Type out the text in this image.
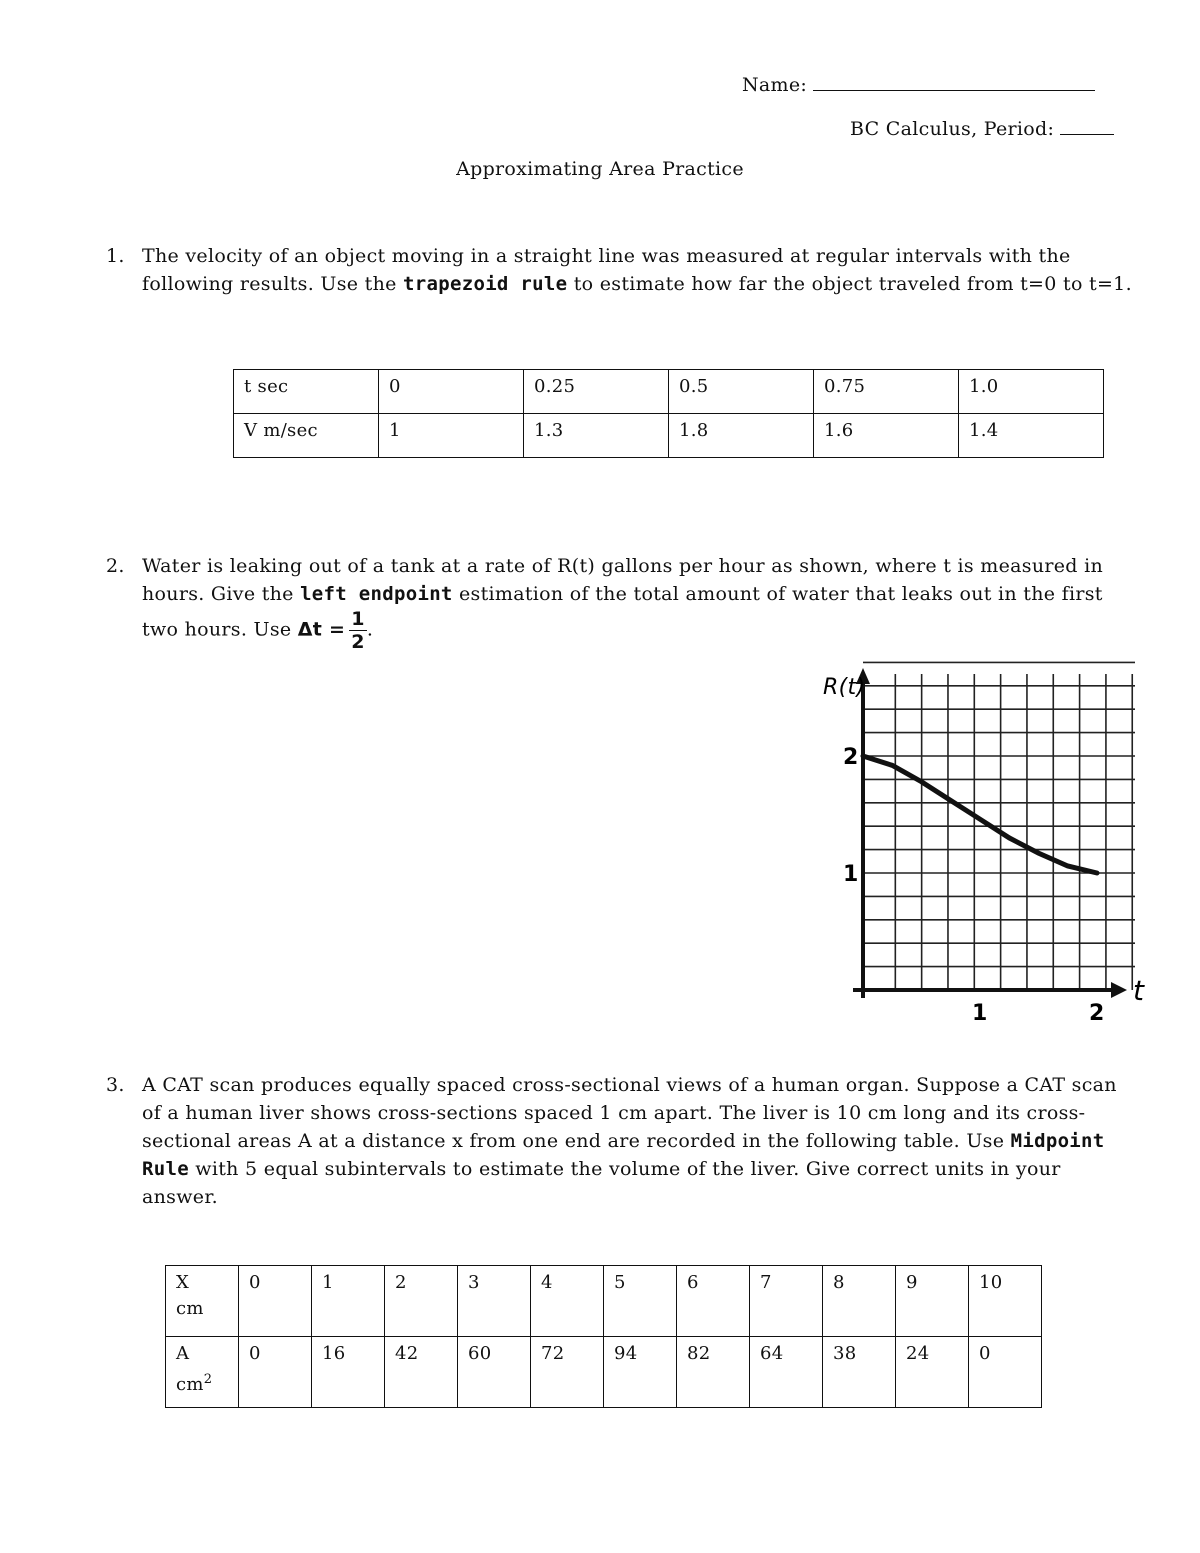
Name:
BC Calculus, Period:
Approximating Area Practice
1. The velocity of an object moving in a straight line was measured at regular intervals with the following results. Use the trapezoid rule to estimate how far the object traveled from t=0 to t=1.
t sec	0	0.25	0.5	0.75	1.0
V m/sec	1	1.3	1.8	1.6	1.4
2. Water is leaking out of a tank at a rate of R(t) gallons per hour as shown, where t is measured in hours. Give the left endpoint estimation of the total amount of water that leaks out in the first two hours. Use $\Delta t = \frac{1}{2}$ .
1	2
1
2
R(t)
t
3. A CAT scan produces equally spaced cross-sectional views of a human organ. Suppose a CAT scan of a human liver shows cross-sections spaced 1 cm apart. The liver is 10 cm long and its cross-sectional areas A at a distance x from one end are recorded in the following table. Use Midpoint Rule with 5 equal subintervals to estimate the volume of the liver. Give correct units in your answer.
X
cm	0	1	2	3	4	5	6	7	8	9	10
A
$cm^2$	0	16	42	60	72	94	82	64	38	24	0
